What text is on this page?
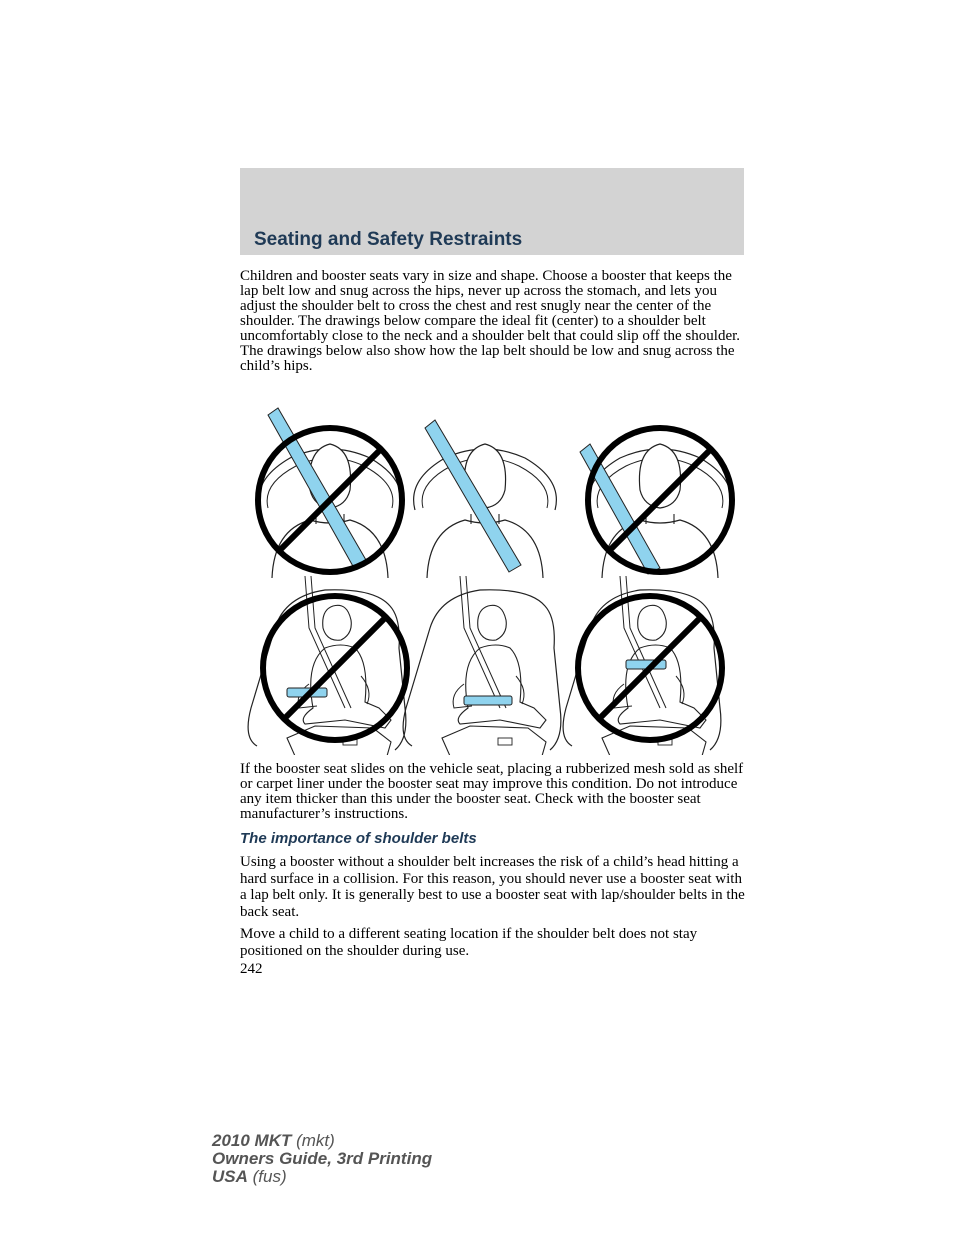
Seating and Safety Restraints

Children and booster seats vary in size and shape. Choose a booster that keeps the lap belt low and snug across the hips, never up across the stomach, and lets you adjust the shoulder belt to cross the chest and rest snugly near the center of the shoulder. The drawings below compare the ideal fit (center) to a shoulder belt uncomfortably close to the neck and a shoulder belt that could slip off the shoulder. The drawings below also show how the lap belt should be low and snug across the child’s hips.

If the booster seat slides on the vehicle seat, placing a rubberized mesh sold as shelf or carpet liner under the booster seat may improve this condition. Do not introduce any item thicker than this under the booster seat. Check with the booster seat manufacturer’s instructions.

The importance of shoulder belts

Using a booster without a shoulder belt increases the risk of a child’s head hitting a hard surface in a collision. For this reason, you should never use a booster seat with a lap belt only. It is generally best to use a booster seat with lap/shoulder belts in the back seat.

Move a child to a different seating location if the shoulder belt does not stay positioned on the shoulder during use.

242
2010 MKT (mkt)
Owners Guide, 3rd Printing
USA (fus)
